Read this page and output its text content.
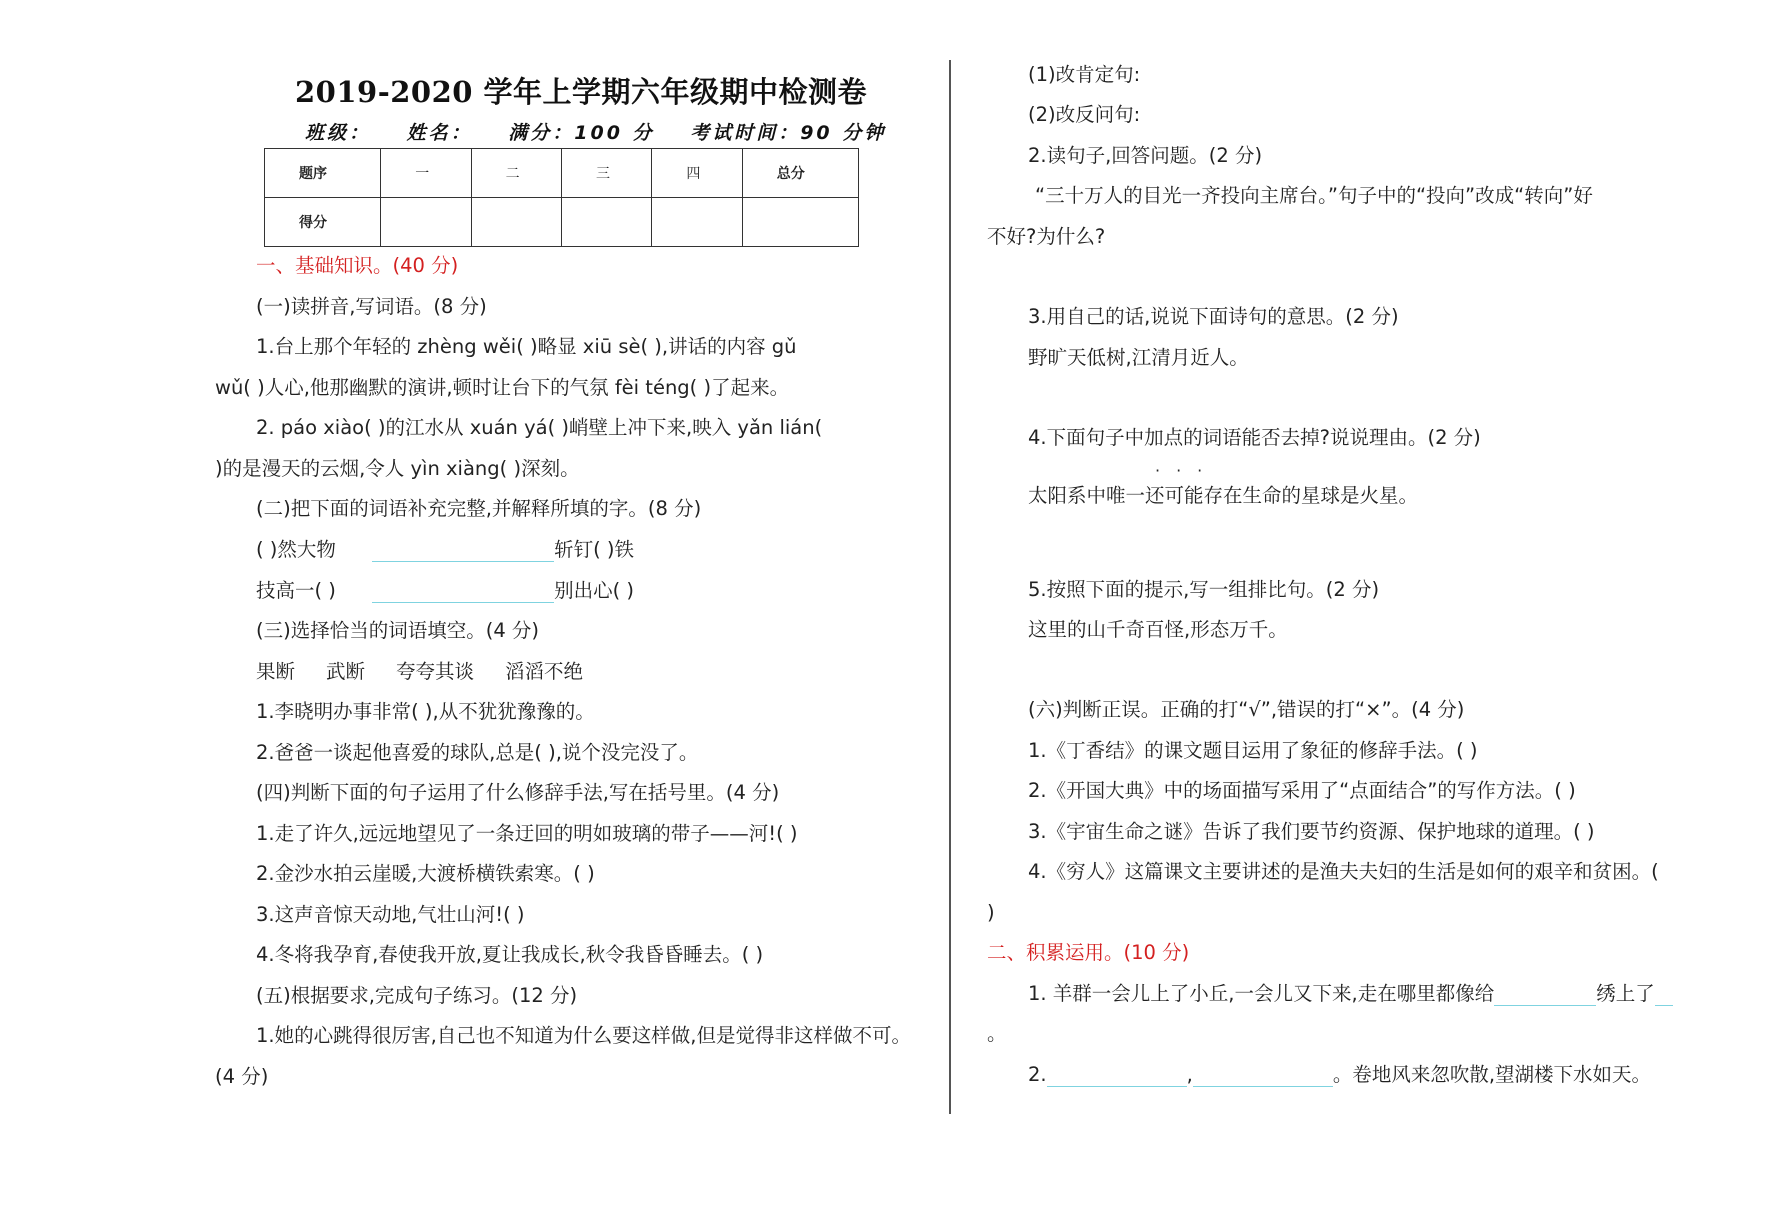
2019-2020 学年上学期六年级期中检测卷
班级： 姓名： 满分：100 分 考试时间：90 分钟
题序	一	二	三	四	总分
得分					
一、基础知识。(40 分)
(一)读拼音,写词语。(8 分)
1.台上那个年轻的 zhèng wěi( )略显 xiū sè( ),讲话的内容 gǔ
wǔ( )人心,他那幽默的演讲,顿时让台下的气氛 fèi téng( )了起来。
2. páo xiào( )的江水从 xuán yá( )峭壁上冲下来,映入 yǎn lián(
)的是漫天的云烟,令人 yìn xiàng( )深刻。
(二)把下面的词语补充完整,并解释所填的字。(8 分)
( )然大物	斩钉( )铁
技高一( )	别出心( )
(三)选择恰当的词语填空。(4 分)
果断     武断     夸夸其谈     滔滔不绝
1.李晓明办事非常( ),从不犹犹豫豫的。
2.爸爸一谈起他喜爱的球队,总是( ),说个没完没了。
(四)判断下面的句子运用了什么修辞手法,写在括号里。(4 分)
1.走了许久,远远地望见了一条迂回的明如玻璃的带子——河!( )
2.金沙水拍云崖暖,大渡桥横铁索寒。( )
3.这声音惊天动地,气壮山河!( )
4.冬将我孕育,春使我开放,夏让我成长,秋令我昏昏睡去。( )
(五)根据要求,完成句子练习。(12 分)
1.她的心跳得很厉害,自己也不知道为什么要这样做,但是觉得非这样做不可。
(4 分)
(1)改肯定句:
(2)改反问句:
2.读句子,回答问题。(2 分)
“三十万人的目光一齐投向主席台。”句子中的“投向”改成“转向”好
不好?为什么?
3.用自己的话,说说下面诗句的意思。(2 分)
野旷天低树,江清月近人。
4.下面句子中加点的词语能否去掉?说说理由。(2 分)
···
太阳系中唯一还可能存在生命的星球是火星。
5.按照下面的提示,写一组排比句。(2 分)
这里的山千奇百怪,形态万千。
(六)判断正误。正确的打“√”,错误的打“×”。(4 分)
1.《丁香结》的课文题目运用了象征的修辞手法。( )
2.《开国大典》中的场面描写采用了“点面结合”的写作方法。( )
3.《宇宙生命之谜》告诉了我们要节约资源、保护地球的道理。( )
4.《穷人》这篇课文主要讲述的是渔夫夫妇的生活是如何的艰辛和贫困。(
)
二、积累运用。(10 分)
1. 羊群一会儿上了小丘,一会儿又下来,走在哪里都像给	绣上了
。
2.	,	。卷地风来忽吹散,望湖楼下水如天。
